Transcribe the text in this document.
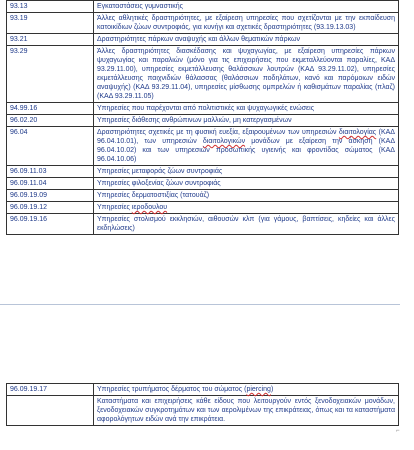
93.13	Εγκαταστάσεις γυμναστικής
93.19	Άλλες αθλητικές δραστηριότητες, με εξαίρεση υπηρεσίες που σχετίζονται με την εκπαίδευση κατοικίδιων ζώων συντροφιάς, για κυνήγι και σχετικές δραστηριότητες (93.19.13.03)
93.21	Δραστηριότητες πάρκων αναψυχής και άλλων θεματικών πάρκων
93.29	Άλλες δραστηριότητες διασκέδασης και ψυχαγωγίας, με εξαίρεση υπηρεσίες πάρκων ψυχαγωγίας και παραλιών (μόνο για τις επιχειρήσεις που εκμεταλλεύονται παραλίες, ΚΑΔ 93.29.11.00), υπηρεσίες εκμετάλλευσης θαλάσσιων λουτρών (ΚΑΔ 93.29.11.02), υπηρεσίες εκμετάλλευσης παιχνιδιών θάλασσας (θαλάσσιων ποδηλάτων, κανό και παρόμοιων ειδών αναψυχής) (ΚΑΔ 93.29.11.04), υπηρεσίες μίσθωσης ομπρελών ή καθισμάτων παραλίας (πλαζ) (ΚΑΔ 93.29.11.05)
94.99.16	Υπηρεσίες που παρέχονται από πολιτιστικές και ψυχαγωγικές ενώσεις
96.02.20	Υπηρεσίες διάθεσης ανθρώπινων μαλλιών, μη κατεργασμένων
96.04	Δραστηριότητες σχετικές με τη φυσική ευεξία, εξαιρουμένων των υπηρεσιών διαιτολογίας (ΚΑΔ 96.04.10.01), των υπηρεσιών διαιτολογικών μονάδων με εξαίρεση την άσκηση (ΚΑΔ 96.04.10.02) και των υπηρεσιών προσωπικής υγιεινής και φροντίδας σώματος (ΚΑΔ 96.04.10.06)
96.09.11.03	Υπηρεσίες μεταφοράς ζώων συντροφιάς
96.09.11.04	Υπηρεσίες φιλοξενίας ζώων συντροφιάς
96.09.19.09	Υπηρεσίες δερματοστιξίας (τατουάζ)
96.09.19.12	Υπηρεσίες ιεροδουλου
96.09.19.16	Υπηρεσίες στολισμού εκκλησιών, αιθουσών κλπ (για γάμους, βαπτίσεις, κηδείες και άλλες εκδηλώσεις)
96.09.19.17	Υπηρεσίες τρυπήματος δέρματος του σώματος (piercing)
	Καταστήματα και επιχειρήσεις κάθε είδους που λειτουργούν εντός ξενοδοχειακών μονάδων, ξενοδοχειακών συγκροτημάτων και των αερολιμένων της επικράτειας, όπως και τα καταστήματα αφορολόγητων ειδών ανά την επικράτεια.
⌐
